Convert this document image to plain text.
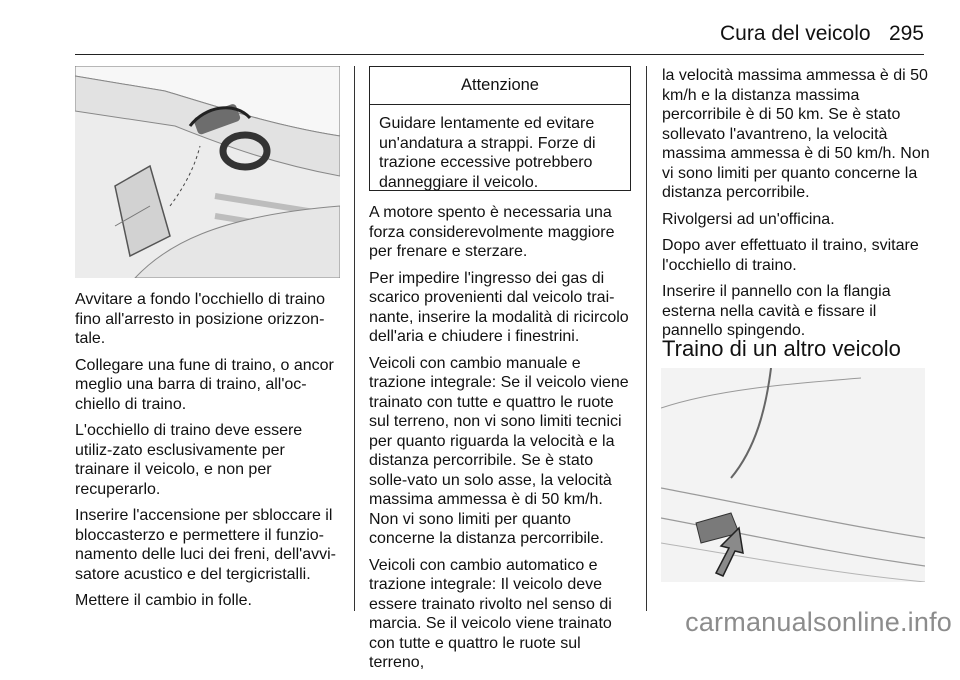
Cura del veicolo 295

Avvitare a fondo l'occhiello di traino fino all'arresto in posizione orizzon-tale.

Collegare una fune di traino, o ancor meglio una barra di traino, all'oc-chiello di traino.

L'occhiello di traino deve essere utiliz-zato esclusivamente per trainare il veicolo, e non per recuperarlo.

Inserire l'accensione per sbloccare il bloccasterzo e permettere il funzio-namento delle luci dei freni, dell'avvi-satore acustico e del tergicristalli.

Mettere il cambio in folle.

Attenzione
Guidare lentamente ed evitare un'andatura a strappi. Forze di trazione eccessive potrebbero danneggiare il veicolo.

A motore spento è necessaria una forza considerevolmente maggiore per frenare e sterzare.

Per impedire l'ingresso dei gas di scarico provenienti dal veicolo trai-nante, inserire la modalità di ricircolo dell'aria e chiudere i finestrini.

Veicoli con cambio manuale e trazione integrale: Se il veicolo viene trainato con tutte e quattro le ruote sul terreno, non vi sono limiti tecnici per quanto riguarda la velocità e la distanza percorribile. Se è stato solle-vato un solo asse, la velocità massima ammessa è di 50 km/h. Non vi sono limiti per quanto concerne la distanza percorribile.

Veicoli con cambio automatico e trazione integrale: Il veicolo deve essere trainato rivolto nel senso di marcia. Se il veicolo viene trainato con tutte e quattro le ruote sul terreno,

la velocità massima ammessa è di 50 km/h e la distanza massima percorribile è di 50 km. Se è stato sollevato l'avantreno, la velocità massima ammessa è di 50 km/h. Non vi sono limiti per quanto concerne la distanza percorribile.

Rivolgersi ad un'officina.

Dopo aver effettuato il traino, svitare l'occhiello di traino.

Inserire il pannello con la flangia esterna nella cavità e fissare il pannello spingendo.

Traino di un altro veicolo
carmanualsonline.info
